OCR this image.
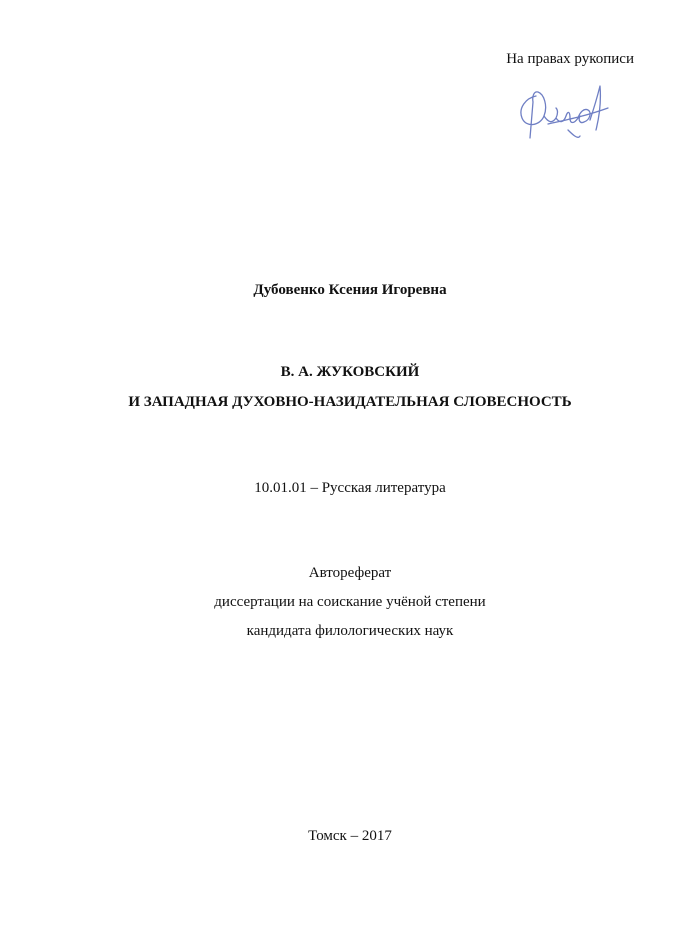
На правах рукописи
Дубовенко Ксения Игоревна
В. А. ЖУКОВСКИЙ
И ЗАПАДНАЯ ДУХОВНО-НАЗИДАТЕЛЬНАЯ СЛОВЕСНОСТЬ
10.01.01 – Русская литература
Автореферат
диссертации на соискание учёной степени
кандидата филологических наук
Томск – 2017
